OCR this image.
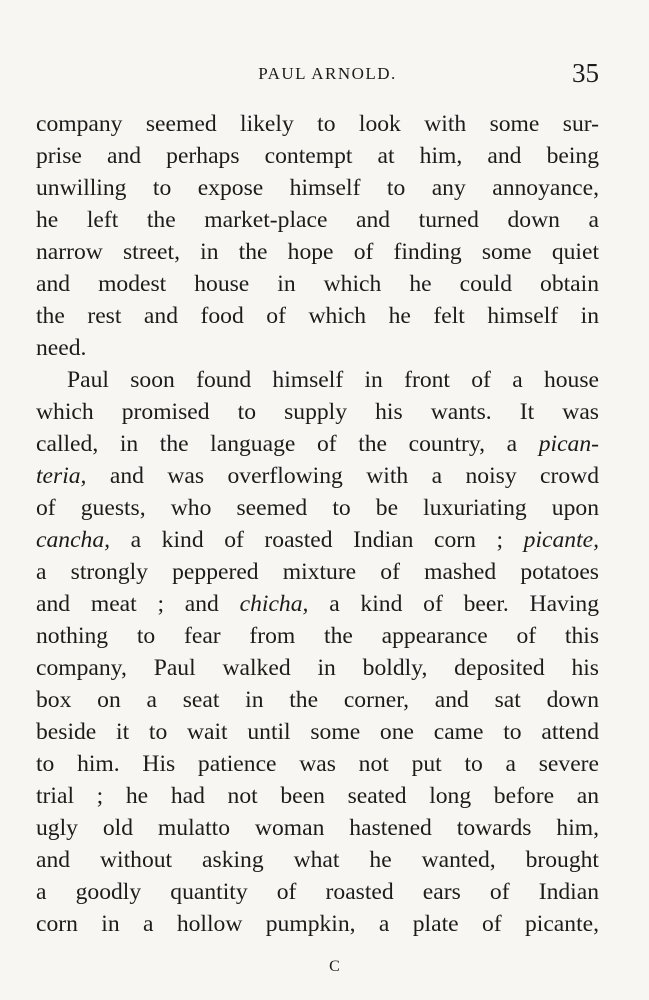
PAUL ARNOLD.	35
company seemed likely to look with some sur-
prise and perhaps contempt at him, and being
unwilling to expose himself to any annoyance,
he left the market-place and turned down a
narrow street, in the hope of finding some quiet
and modest house in which he could obtain
the rest and food of which he felt himself in
need.
Paul soon found himself in front of a house
which promised to supply his wants. It was
called, in the language of the country, a pican-
teria, and was overflowing with a noisy crowd
of guests, who seemed to be luxuriating upon
cancha, a kind of roasted Indian corn ; picante,
a strongly peppered mixture of mashed potatoes
and meat ; and chicha, a kind of beer. Having
nothing to fear from the appearance of this
company, Paul walked in boldly, deposited his
box on a seat in the corner, and sat down
beside it to wait until some one came to attend
to him. His patience was not put to a severe
trial ; he had not been seated long before an
ugly old mulatto woman hastened towards him,
and without asking what he wanted, brought
a goodly quantity of roasted ears of Indian
corn in a hollow pumpkin, a plate of picante,
C
